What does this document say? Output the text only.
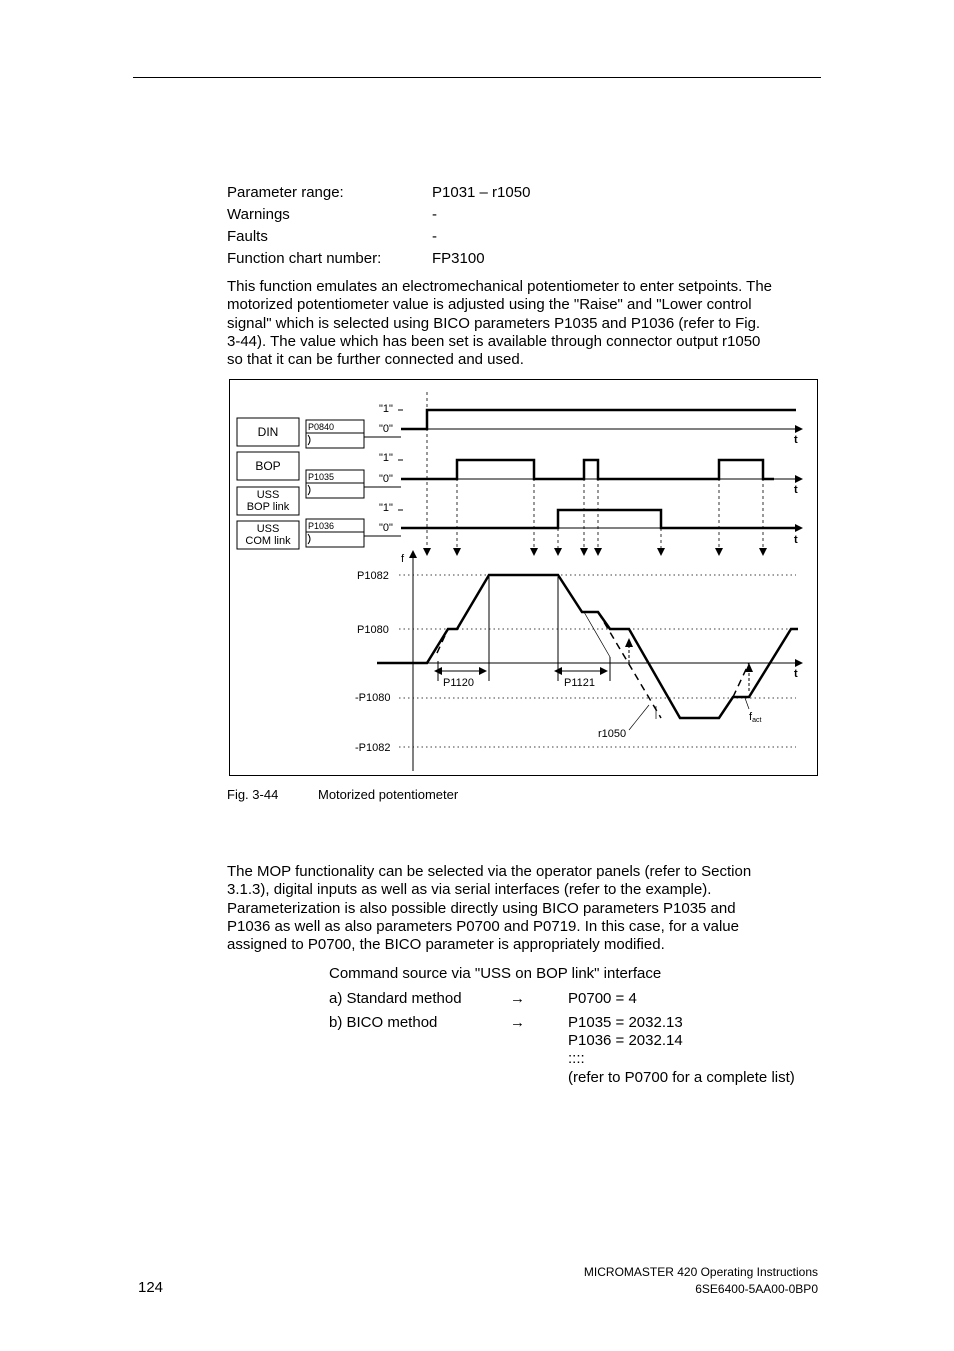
Parameter range:	P1031 – r1050
Warnings	-
Faults	-
Function chart number:	FP3100
This function emulates an electromechanical potentiometer to enter setpoints. The
motorized potentiometer value is adjusted using the "Raise" and "Lower control
signal" which is selected using BICO parameters P1035 and P1036 (refer to Fig.
3-44). The value which has been set is available through connector output r1050
so that it can be further connected and used.
DIN
BOP
USS
BOP link
USS
COM link
P0840
P1035
P1036
"1"
"0"
"1"
"0"
"1"
"0"
t
t
t
f
t
P1082
P1080
-P1080
-P1082
P1120	P1121
r1050
fact
Fig. 3-44	Motorized potentiometer
The MOP functionality can be selected via the operator panels (refer to Section
3.1.3), digital inputs as well as via serial interfaces (refer to the example).
Parameterization is also possible directly using BICO parameters P1035 and
P1036 as well as also parameters P0700 and P0719. In this case, for a value
assigned to P0700, the BICO parameter is appropriately modified.
Command source via "USS on BOP link" interface
a) Standard method	→	P0700 = 4
b) BICO method	→	P1035 = 2032.13
P1036 = 2032.14
::::
(refer to P0700 for a complete list)
124
MICROMASTER 420 Operating Instructions
6SE6400-5AA00-0BP0
